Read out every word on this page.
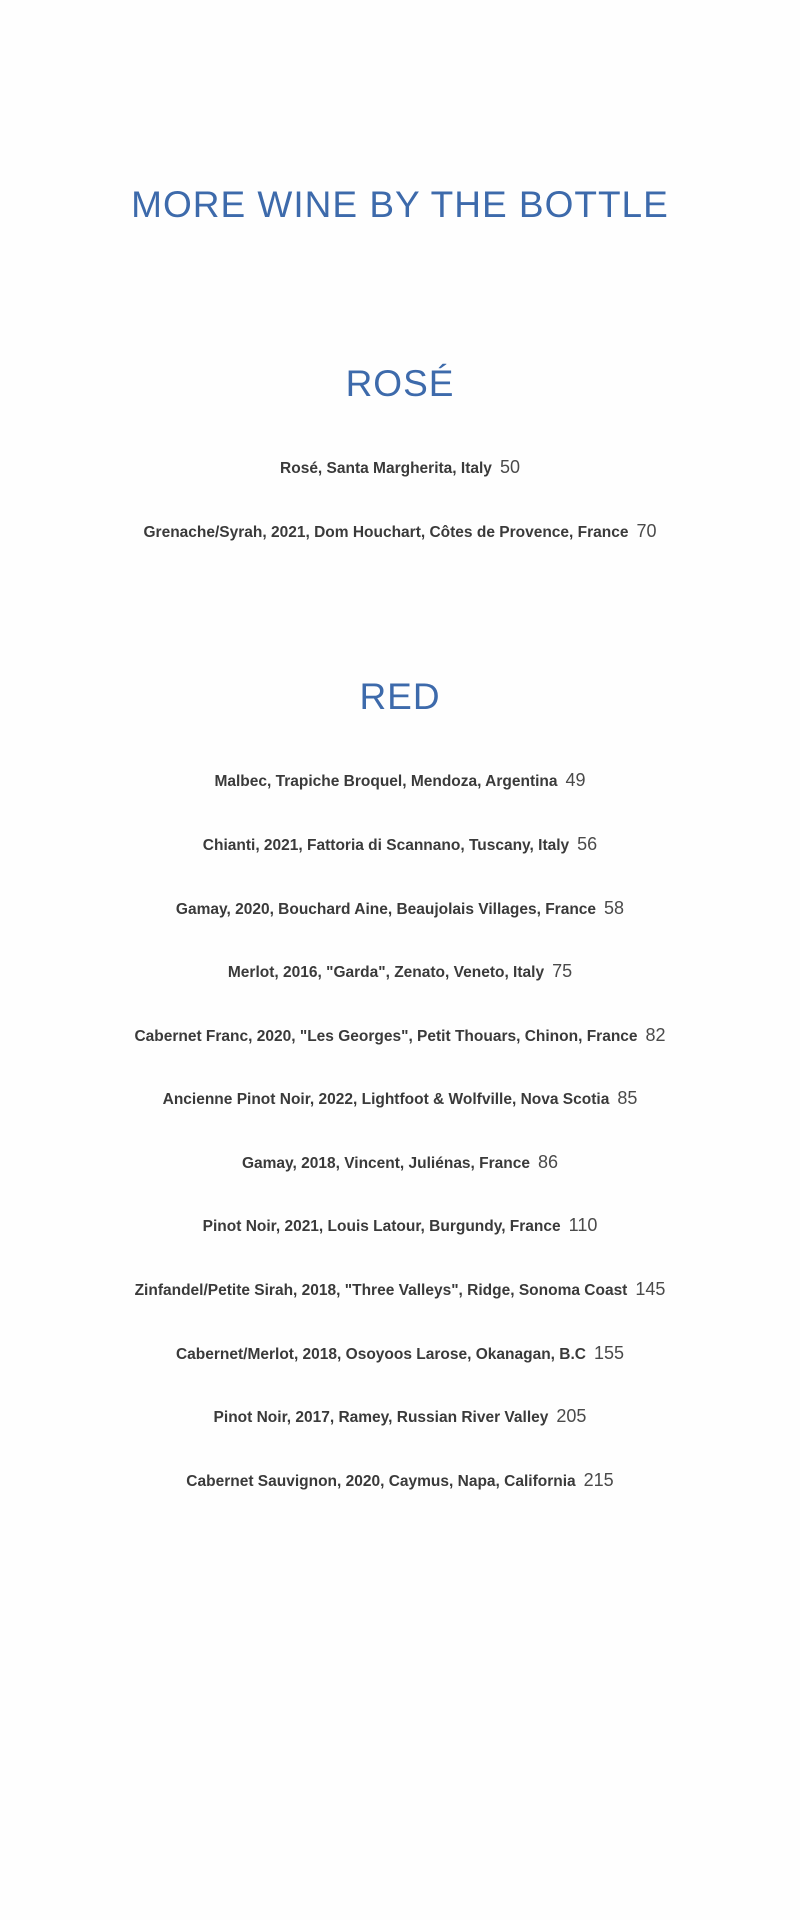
MORE WINE BY THE BOTTLE
ROSÉ
Rosé, Santa Margherita, Italy 50
Grenache/Syrah, 2021, Dom Houchart, Côtes de Provence, France 70
RED
Malbec, Trapiche Broquel, Mendoza, Argentina 49
Chianti, 2021, Fattoria di Scannano, Tuscany, Italy 56
Gamay, 2020, Bouchard Aine, Beaujolais Villages, France 58
Merlot, 2016, "Garda", Zenato, Veneto, Italy 75
Cabernet Franc, 2020, "Les Georges", Petit Thouars, Chinon, France 82
Ancienne Pinot Noir, 2022, Lightfoot & Wolfville, Nova Scotia 85
Gamay, 2018, Vincent, Juliénas, France 86
Pinot Noir, 2021, Louis Latour, Burgundy, France 110
Zinfandel/Petite Sirah, 2018, "Three Valleys", Ridge, Sonoma Coast 145
Cabernet/Merlot, 2018, Osoyoos Larose, Okanagan, B.C 155
Pinot Noir, 2017, Ramey, Russian River Valley 205
Cabernet Sauvignon, 2020, Caymus, Napa, California 215
